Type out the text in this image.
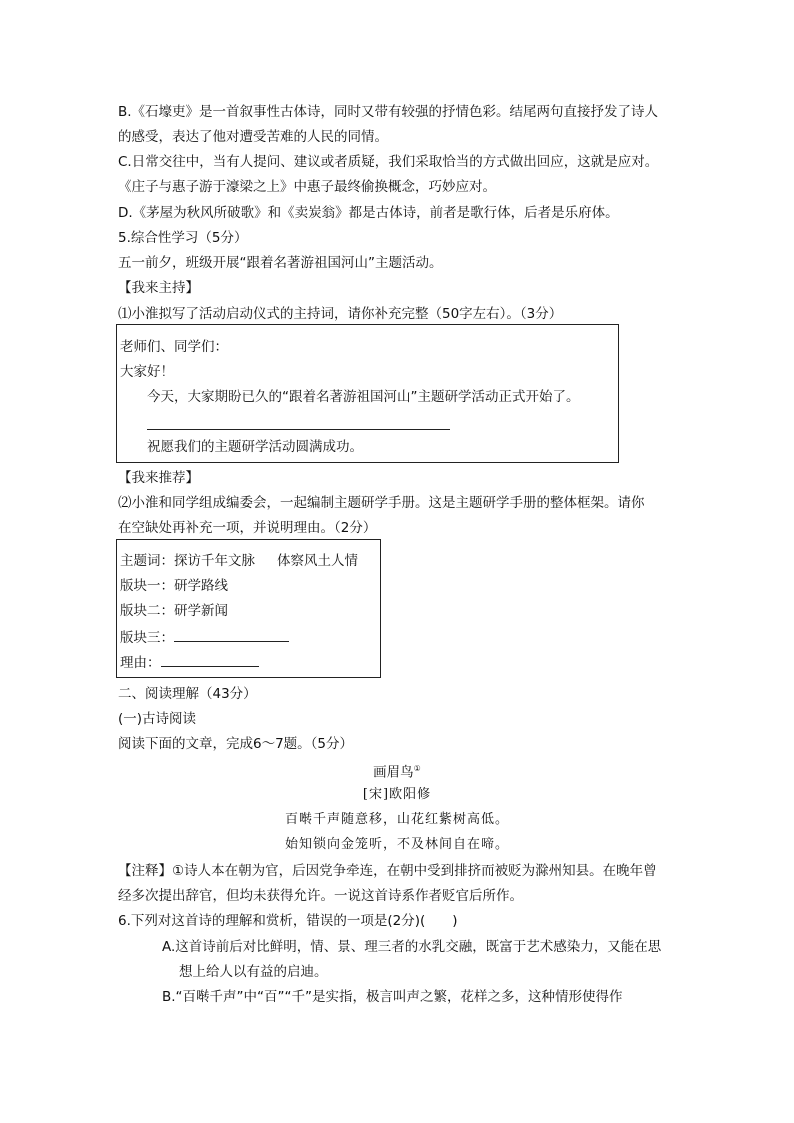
B.《石壕吏》是一首叙事性古体诗，同时又带有较强的抒情色彩。结尾两句直接抒发了诗人
的感受，表达了他对遭受苦难的人民的同情。
C.日常交往中，当有人提问、建议或者质疑，我们采取恰当的方式做出回应，这就是应对。
《庄子与惠子游于濠梁之上》中惠子最终偷换概念，巧妙应对。
D.《茅屋为秋风所破歌》和《卖炭翁》都是古体诗，前者是歌行体，后者是乐府体。
5.综合性学习（5分）
五一前夕，班级开展“跟着名著游祖国河山”主题活动。
【我来主持】
⑴小淮拟写了活动启动仪式的主持词，请你补充完整（50字左右）。（3分）
老师们、同学们：
大家好！
今天，大家期盼已久的“跟着名著游祖国河山”主题研学活动正式开始了。
祝愿我们的主题研学活动圆满成功。
【我来推荐】
⑵小淮和同学组成编委会，一起编制主题研学手册。这是主题研学手册的整体框架。请你
在空缺处再补充一项，并说明理由。（2分）
主题词：探访千年文脉 体察风土人情
版块一：研学路线
版块二：研学新闻
版块三：
理由：
二、阅读理解（43分）
(一)古诗阅读
阅读下面的文章，完成6～7题。（5分）
画眉鸟①
[宋]欧阳修
百啭千声随意移，山花红紫树高低。
始知锁向金笼听，不及林间自在啼。
【注释】①诗人本在朝为官，后因党争牵连，在朝中受到排挤而被贬为滁州知县。在晚年曾
经多次提出辞官，但均未获得允许。一说这首诗系作者贬官后所作。
6.下列对这首诗的理解和赏析，错误的一项是(2分)(　　)
A.这首诗前后对比鲜明，情、景、理三者的水乳交融，既富于艺术感染力，又能在思
想上给人以有益的启迪。
B.“百啭千声”中“百”“千”是实指，极言叫声之繁，花样之多，这种情形使得作
